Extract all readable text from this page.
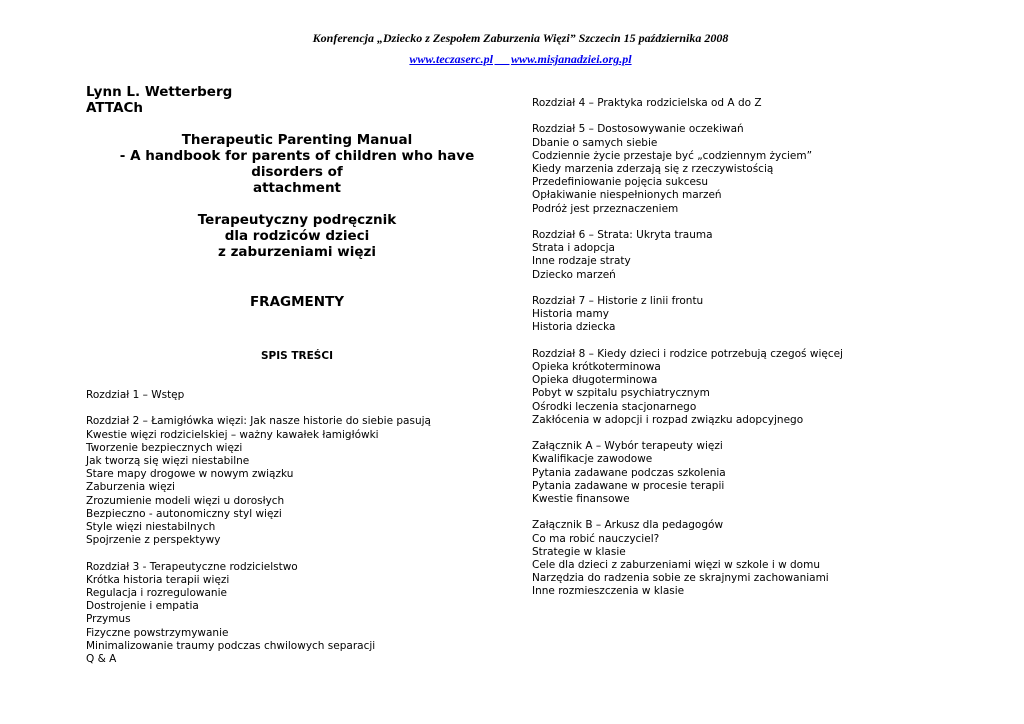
Konferencja „Dziecko z Zespołem Zaburzenia Więzi” Szczecin 15 października 2008
www.teczaserc.pl www.misjanadziei.org.pl
Lynn L. Wetterberg
ATTACh
Therapeutic Parenting Manual
- A handbook for parents of children who have disorders of
attachment
Terapeutyczny podręcznik
dla rodziców dzieci
z zaburzeniami więzi
FRAGMENTY
SPIS TREŚCI
Rozdział 1 – Wstęp
Rozdział 2 – Łamigłówka więzi: Jak nasze historie do siebie pasują
Kwestie więzi rodzicielskiej – ważny kawałek łamigłówki
Tworzenie bezpiecznych więzi
Jak tworzą się więzi niestabilne
Stare mapy drogowe w nowym związku
Zaburzenia więzi
Zrozumienie modeli więzi u dorosłych
Bezpieczno - autonomiczny styl więzi
Style więzi niestabilnych
Spojrzenie z perspektywy
Rozdział 3 - Terapeutyczne rodzicielstwo
Krótka historia terapii więzi
Regulacja i rozregulowanie
Dostrojenie i empatia
Przymus
Fizyczne powstrzymywanie
Minimalizowanie traumy podczas chwilowych separacji
Q & A
Rozdział 4 – Praktyka rodzicielska od A do Z
Rozdział 5 – Dostosowywanie oczekiwań
Dbanie o samych siebie
Codziennie życie przestaje być „codziennym życiem”
Kiedy marzenia zderzają się z rzeczywistością
Przedefiniowanie pojęcia sukcesu
Opłakiwanie niespełnionych marzeń
Podróż jest przeznaczeniem
Rozdział 6 – Strata: Ukryta trauma
Strata i adopcja
Inne rodzaje straty
Dziecko marzeń
Rozdział 7 – Historie z linii frontu
Historia mamy
Historia dziecka
Rozdział 8 – Kiedy dzieci i rodzice potrzebują czegoś więcej
Opieka krótkoterminowa
Opieka długoterminowa
Pobyt w szpitalu psychiatrycznym
Ośrodki leczenia stacjonarnego
Zakłócenia w adopcji i rozpad związku adopcyjnego
Załącznik A – Wybór terapeuty więzi
Kwalifikacje zawodowe
Pytania zadawane podczas szkolenia
Pytania zadawane w procesie terapii
Kwestie finansowe
Załącznik B – Arkusz dla pedagogów
Co ma robić nauczyciel?
Strategie w klasie
Cele dla dzieci z zaburzeniami więzi w szkole i w domu
Narzędzia do radzenia sobie ze skrajnymi zachowaniami
Inne rozmieszczenia w klasie
